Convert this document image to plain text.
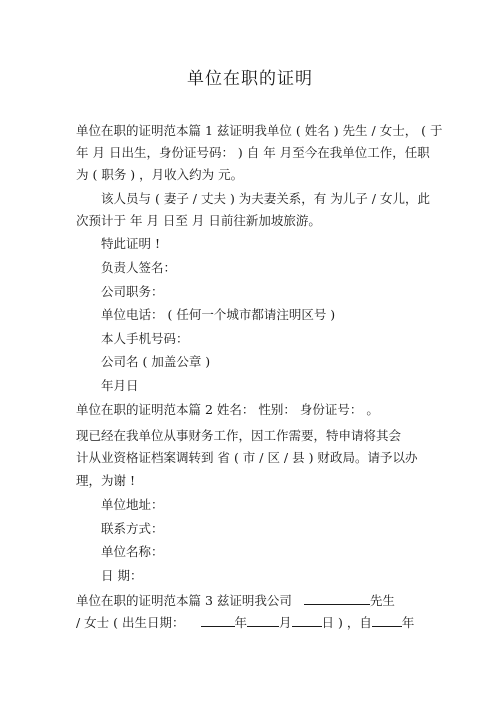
单位在职的证明
单位在职的证明范本篇 1 兹证明我单位 ( 姓名 ) 先生 / 女士， ( 于
年 月 日出生，身份证号码： ) 自 年 月至今在我单位工作，任职
为 ( 职务 ) ，月收入约为 元。
该人员与 ( 妻子 / 丈夫 ) 为夫妻关系，有 为儿子 / 女儿，此
次预计于 年 月 日至 月 日前往新加坡旅游。
特此证明 !
负责人签名：
公司职务：
单位电话： ( 任何一个城市都请注明区号 )
本人手机号码：
公司名 ( 加盖公章 )
年月日
单位在职的证明范本篇 2 姓名： 性别： 身份证号： 。
现已经在我单位从事财务工作，因工作需要，特申请将其会
计从业资格证档案调转到 省 ( 市 / 区 / 县 ) 财政局。请予以办
理，为谢 !
单位地址：
联系方式：
单位名称：
日 期：
单位在职的证明范本篇 3 兹证明我公司	先生
/ 女士 ( 出生日期：	年	月 日 ) ，自 年
